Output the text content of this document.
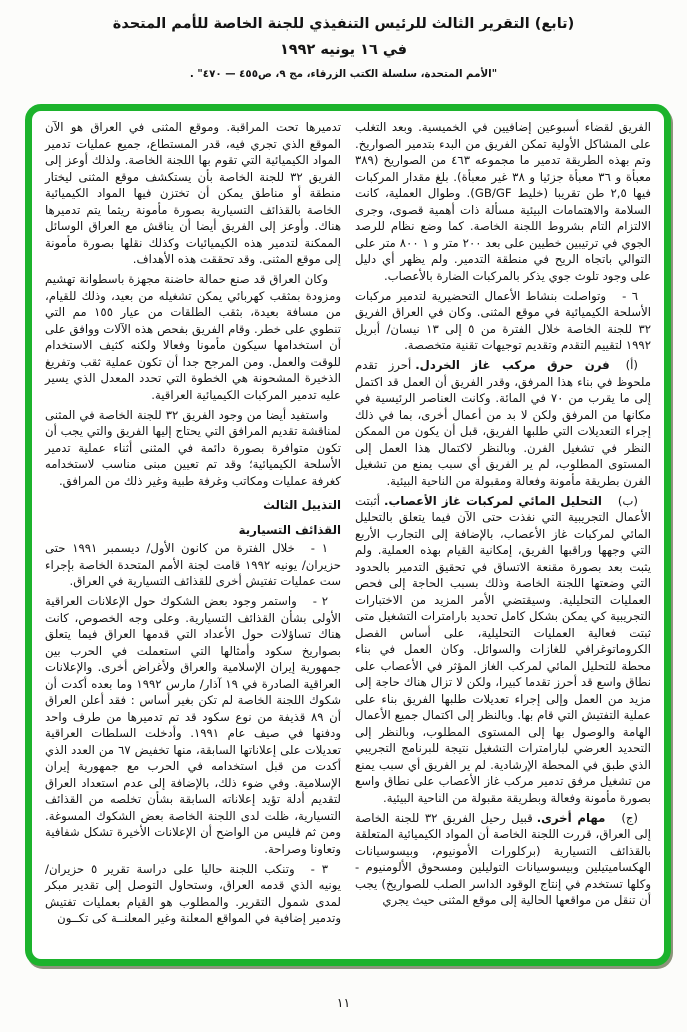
(تابع) التقرير الثالث للرئيس التنفيذي للجنة الخاصة للأمم المتحدة
في ١٦ يونيه ١٩٩٢
"الأمم المتحدة، سلسلة الكتب الزرقاء، مج ٩، ص٤٥٥ — ٤٧٠" .

الفريق لقضاء أسبوعين إضافيين في الخميسية. وبعد التغلب على المشاكل الأولية تمكن الفريق من البدء بتدمير الصواريخ. وتم بهذه الطريقة تدمير ما مجموعه ٤٦٣ من الصواريخ (٣٨٩ معبأة و ٣٦ معبأة جزئيا و ٣٨ غير معبأة). بلغ مقدار المركبات فيها ٢,٥ طن تقريبا (خليط GB/GF). وطوال العملية، كانت السلامة والاهتمامات البيئية مسألة ذات أهمية قصوى، وجرى الالتزام التام بشروط اللجنة الخاصة. كما وضع نظام للرصد الجوي في ترتيبين خطيين على بعد ٢٠٠ متر و ١ ٨٠٠ متر على التوالي باتجاه الريح في منطقة التدمير. ولم يظهر أي دليل على وجود تلوث جوي يذكر بالمركبات الضارة بالأعصاب.

٦ -وتواصلت بنشاط الأعمال التحضيرية لتدمير مركبات الأسلحة الكيميائية في موقع المثنى. وكان في العراق الفريق ٣٢ للجنة الخاصة خلال الفترة من ٥ إلى ١٣ نيسان/ أبريل ١٩٩٢ لتقييم التقدم وتقديم توجيهات تقنية متخصصة.

(أ)فرن حرق مركب غاز الخردل.أحرز تقدم ملحوظ في بناء هذا المرفق، وقدر الفريق أن العمل قد اكتمل إلى ما يقرب من ٧٠ في المائة. وكانت العناصر الرئيسية في مكانها من المرفق ولكن لا بد من أعمال أخرى، بما في ذلك إجراء التعديلات التي طلبها الفريق، قبل أن يكون من الممكن النظر في تشغيل الفرن. وبالنظر لاكتمال هذا العمل إلى المستوى المطلوب، لم ير الفريق أي سبب يمنع من تشغيل الفرن بطريقة مأمونة وفعالة ومقبولة من الناحية البيئية.

(ب)التحليل المائي لمركبات غاز الأعصاب.أثبتت الأعمال التجريبية التي نفذت حتى الآن فيما يتعلق بالتحليل المائي لمركبات غاز الأعصاب، بالإضافة إلى التجارب الأربع التي وجهها وراقبها الفريق، إمكانية القيام بهذه العملية. ولم يثبت بعد بصورة مقنعة الاتساق في تحقيق التدمير بالحدود التي وضعتها اللجنة الخاصة وذلك بسبب الحاجة إلى فحص العمليات التحليلية. وسيقتضي الأمر المزيد من الاختبارات التجريبية كي يمكن بشكل كامل تحديد بارامترات التشغيل متى ثبتت فعالية العمليات التحليلية، على أساس الفصل الكروماتوغرافي للغازات والسوائل. وكان العمل في بناء محطة للتحليل المائي لمركب الغاز المؤثر في الأعصاب على نطاق واسع قد أحرز تقدما كبيرا، ولكن لا تزال هناك حاجة إلى مزيد من العمل وإلى إجراء تعديلات طلبها الفريق بناء على عملية التفتيش التي قام بها. وبالنظر إلى اكتمال جميع الأعمال الهامة والوصول بها إلى المستوى المطلوب، وبالنظر إلى التحديد العرضي لبارامترات التشغيل نتيجة للبرنامج التجريبي الذي طبق في المحطة الإرشادية. لم ير الفريق أي سبب يمنع من تشغيل مرفق تدمير مركب غاز الأعصاب على نطاق واسع بصورة مأمونة وفعالة وبطريقة مقبولة من الناحية البيئية.

(ج)مهام أخرى.قبيل رحيل الفريق ٣٢ للجنة الخاصة إلى العراق، قررت اللجنة الخاصة أن المواد الكيميائية المتعلقة بالقذائف التسيارية (بركلورات الأمونيوم، وبيسوسيانات الهكساميتيلين وبيسوسيانات التوليلين ومسحوق الألومنيوم - وكلها تستخدم في إنتاج الوقود الداسر الصلب للصواريخ) يجب أن تنقل من مواقعها الحالية إلى موقع المثنى حيث يجري

تدميرها تحت المراقبة. وموقع المثنى في العراق هو الآن الموقع الذي تجري فيه، قدر المستطاع، جميع عمليات تدمير المواد الكيميائية التي تقوم بها اللجنة الخاصة. ولذلك أوعز إلى الفريق ٣٢ للجنة الخاصة بأن يستكشف موقع المثنى ليختار منطقة أو مناطق يمكن أن تختزن فيها المواد الكيميائية الخاصة بالقذائف التسيارية بصورة مأمونة ريثما يتم تدميرها هناك. وأوعز إلى الفريق أيضا أن يناقش مع العراق الوسائل الممكنة لتدمير هذه الكيميائيات وكذلك نقلها بصورة مأمونة إلى موقع المثنى. وقد تحققت هذه الأهداف.

وكان العراق قد صنع حمالة حاضنة مجهزة باسطوانة تهشيم ومزودة بمثقب كهربائي يمكن تشغيله من بعيد، وذلك للقيام، من مسافة بعيدة، بثقب الطلقات من عيار ١٥٥ مم التي تنطوي على خطر. وقام الفريق بفحص هذه الآلات ووافق على أن استخدامها سيكون مأمونا وفعالا ولكنه كثيف الاستخدام للوقت والعمل. ومن المرجح جدا أن تكون عملية ثقب وتفريغ الذخيرة المشحونة هي الخطوة التي تحدد المعدل الذي يسير عليه تدمير المركبات الكيميائية العراقية.

واستفيد أيضا من وجود الفريق ٣٢ للجنة الخاصة في المثنى لمناقشة تقديم المرافق التي يحتاج إليها الفريق والتي يجب أن تكون متوافرة بصورة دائمة في المثنى أثناء عملية تدمير الأسلحة الكيميائية؛ وقد تم تعيين مبنى مناسب لاستخدامه كغرفة عمليات ومكاتب وغرفة طبية وغير ذلك من المرافق.

التذييل الثالث

القذائف التسيارية

١ -خلال الفترة من كانون الأول/ ديسمبر ١٩٩١ حتى حزيران/ يونيه ١٩٩٢ قامت لجنة الأمم المتحدة الخاصة بإجراء ست عمليات تفتيش أخرى للقذائف التسيارية في العراق.

٢ -واستمر وجود بعض الشكوك حول الإعلانات العراقية الأولى بشأن القذائف التسيارية. وعلى وجه الخصوص، كانت هناك تساؤلات حول الأعداد التي قدمها العراق فيما يتعلق بصواريخ سكود وأمثالها التي استعملت في الحرب بين جمهورية إيران الإسلامية والعراق ولأغراض أخرى. والإعلانات العراقية الصادرة في ١٩ آذار/ مارس ١٩٩٢ وما بعده أكدت أن شكوك اللجنة الخاصة لم تكن بغير أساس : فقد أعلن العراق أن ٨٩ قذيفة من نوع سكود قد تم تدميرها من طرف واحد ودفنها في صيف عام ١٩٩١. وأدخلت السلطات العراقية تعديلات على إعلاناتها السابقة، منها تخفيض ٦٧ من العدد الذي أكدت من قبل استخدامه في الحرب مع جمهورية إيران الإسلامية. وفي ضوء ذلك، بالإضافة إلى عدم استعداد العراق لتقديم أدلة تؤيد إعلاناته السابقة بشأن تخلصه من القذائف التسيارية، ظلت لدى اللجنة الخاصة بعض الشكوك المسوغة. ومن ثم فليس من الواضح أن الإعلانات الأخيرة تشكل شفافية وتعاونا وصراحة.

٣ -وتنكب اللجنة حاليا على دراسة تقرير ٥ حزيران/ يونيه الذي قدمه العراق، وستحاول التوصل إلى تقدير مبكر لمدى شمول التقرير. والمطلوب هو القيام بعمليات تفتيش وتدمير إضافية في المواقع المعلنة وغير المعلنــة كى تكــون

١١
